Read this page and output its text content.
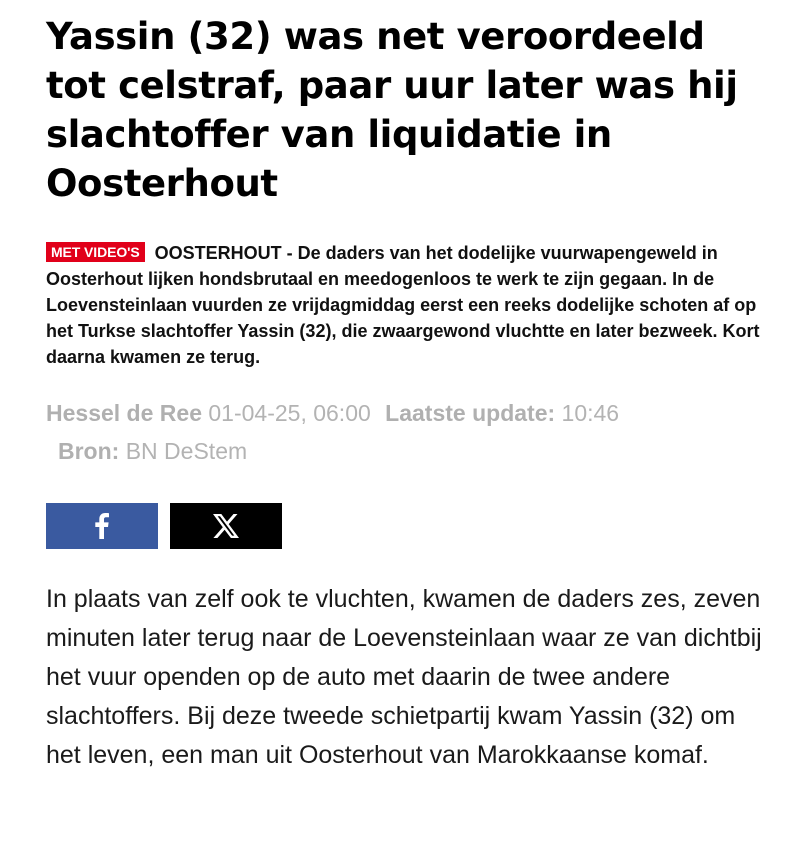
Yassin (32) was net veroordeeld tot celstraf, paar uur later was hij slachtoffer van liquidatie in Oosterhout

MET VIDEO'S OOSTERHOUT - De daders van het dodelijke vuurwapengeweld in Oosterhout lijken hondsbrutaal en meedogenloos te werk te zijn gegaan. In de Loevensteinlaan vuurden ze vrijdagmiddag eerst een reeks dodelijke schoten af op het Turkse slachtoffer Yassin (32), die zwaargewond vluchtte en later bezweek. Kort daarna kwamen ze terug.

Hessel de Ree 01-04-25, 06:00 Laatste update: 10:46
Bron: BN DeStem

In plaats van zelf ook te vluchten, kwamen de daders zes, zeven minuten later terug naar de Loevensteinlaan waar ze van dichtbij het vuur openden op de auto met daarin de twee andere slachtoffers. Bij deze tweede schietpartij kwam Yassin (32) om het leven, een man uit Oosterhout van Marokkaanse komaf.
